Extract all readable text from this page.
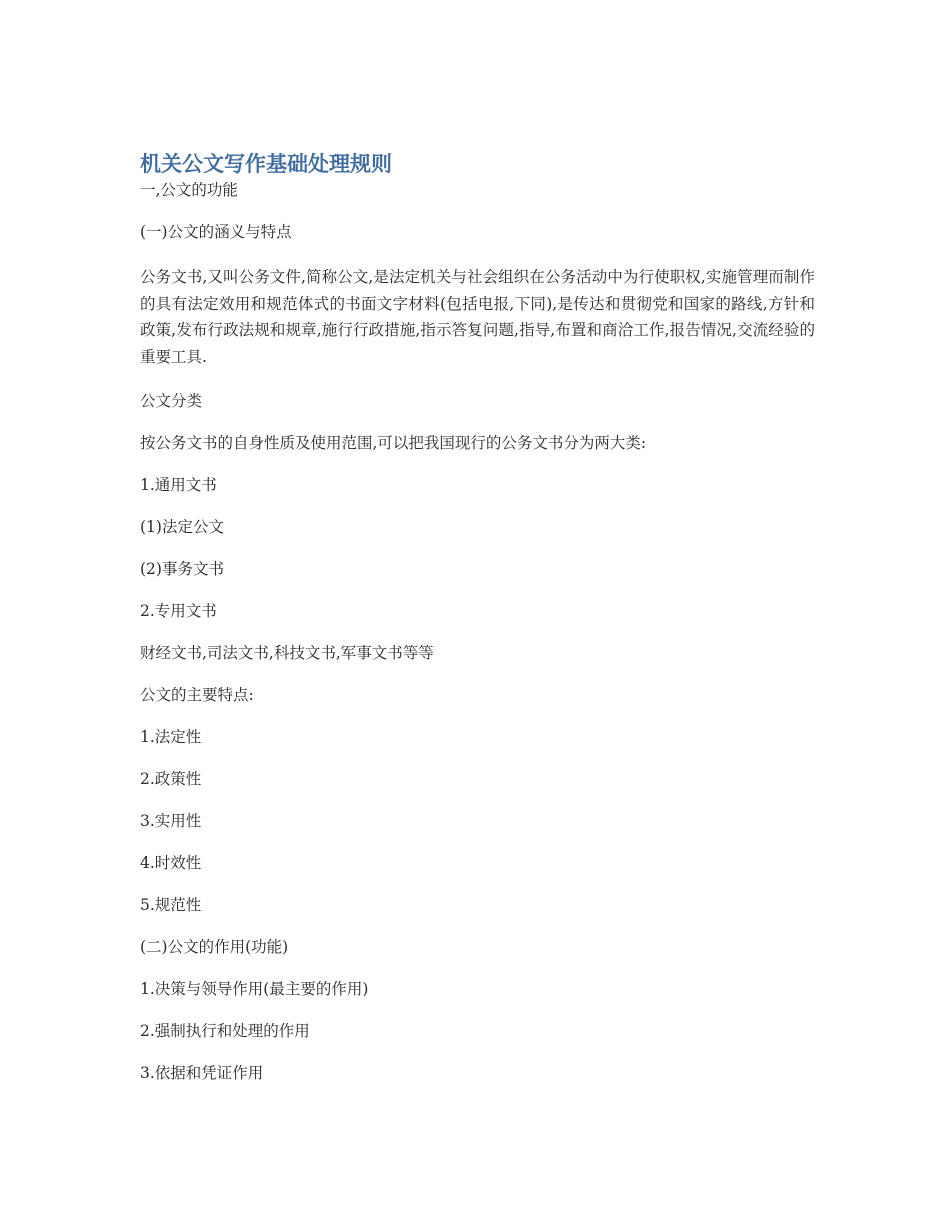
机关公文写作基础处理规则

一,公文的功能

(一)公文的涵义与特点

公务文书,又叫公务文件,简称公文,是法定机关与社会组织在公务活动中为行使职权,实施管理而制作的具有法定效用和规范体式的书面文字材料(包括电报,下同),是传达和贯彻党和国家的路线,方针和政策,发布行政法规和规章,施行行政措施,指示答复问题,指导,布置和商洽工作,报告情况,交流经验的重要工具.

公文分类

按公务文书的自身性质及使用范围,可以把我国现行的公务文书分为两大类:

1.通用文书

(1)法定公文

(2)事务文书

2.专用文书

财经文书,司法文书,科技文书,军事文书等等

公文的主要特点:

1.法定性

2.政策性

3.实用性

4.时效性

5.规范性

(二)公文的作用(功能)

1.决策与领导作用(最主要的作用)

2.强制执行和处理的作用

3.依据和凭证作用
